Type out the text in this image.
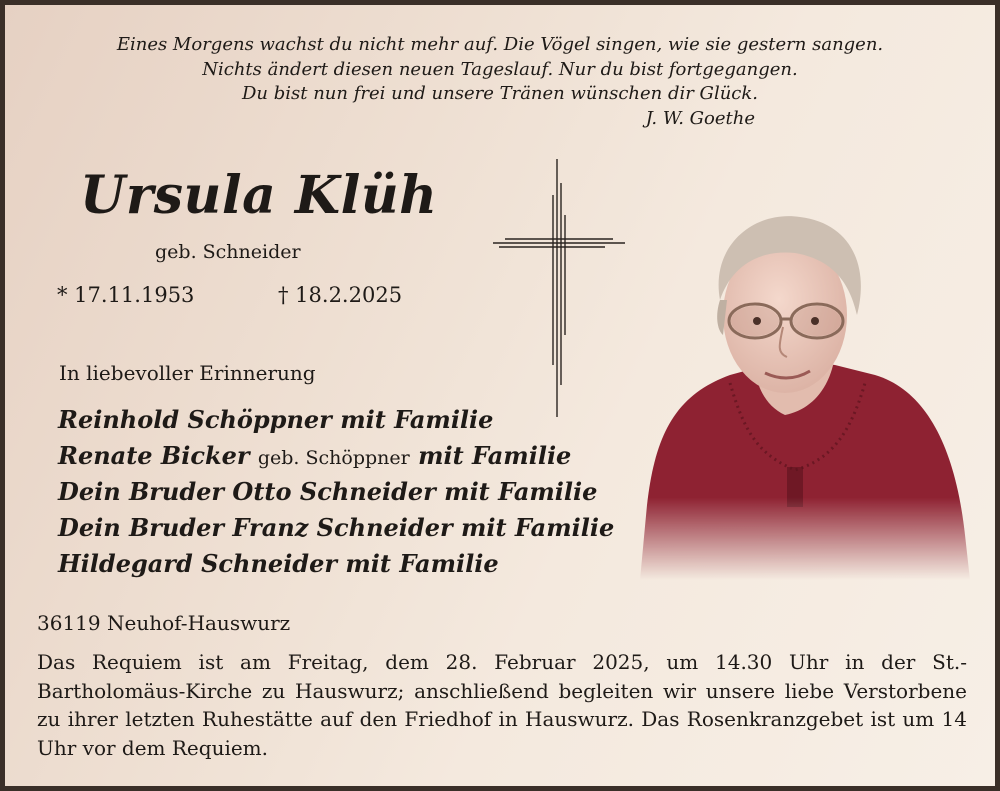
Eines Morgens wachst du nicht mehr auf. Die Vögel singen, wie sie gestern sangen.
Nichts ändert diesen neuen Tageslauf. Nur du bist fortgegangen.
Du bist nun frei und unsere Tränen wünschen dir Glück.
J. W. Goethe
Ursula Klüh
geb. Schneider
* 17.11.1953	† 18.2.2025
In liebevoller Erinnerung
Reinhold Schöppner mit Familie
Renate Bicker geb. Schöppner mit Familie
Dein Bruder Otto Schneider mit Familie
Dein Bruder Franz Schneider mit Familie
Hildegard Schneider mit Familie
36119 Neuhof-Hauswurz
Das Requiem ist am Freitag, dem 28. Februar 2025, um 14.30 Uhr in der St.-Bartholomäus-Kirche zu Hauswurz; anschließend begleiten wir unsere liebe Verstorbene zu ihrer letzten Ruhestätte auf den Friedhof in Hauswurz. Das Rosenkranzgebet ist um 14 Uhr vor dem Requiem.
